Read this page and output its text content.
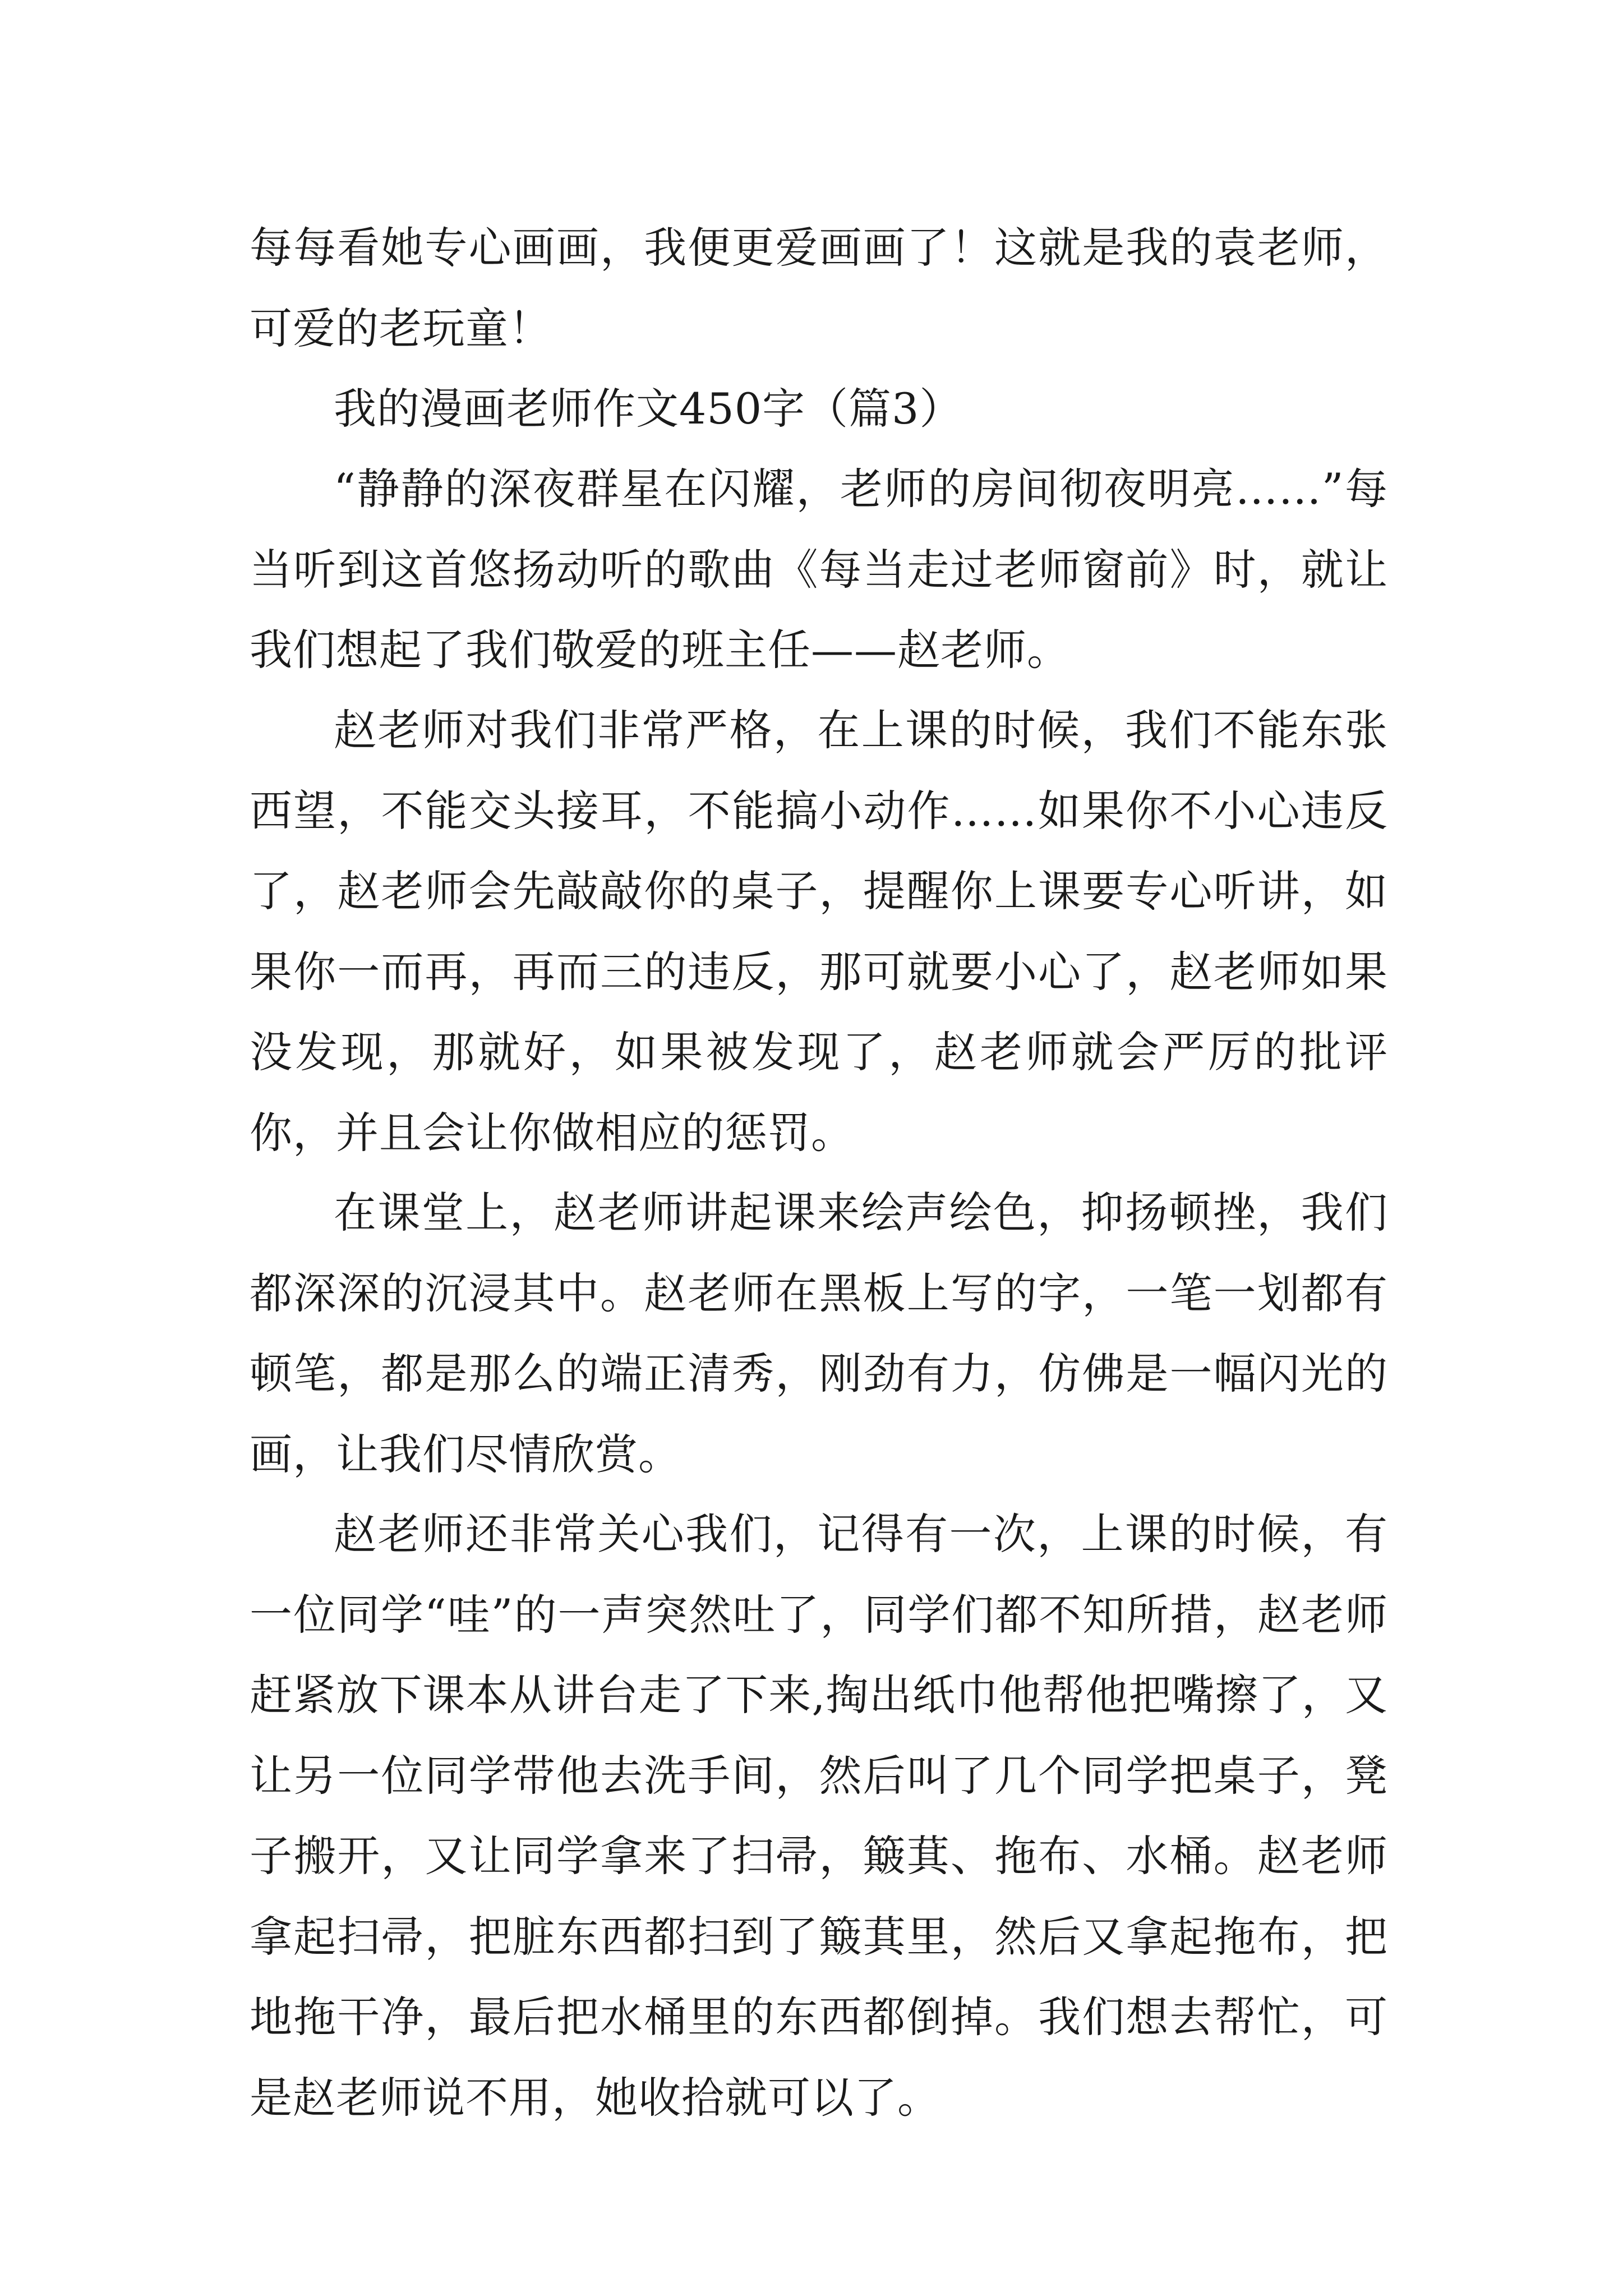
每每看她专心画画，我便更爱画画了！这就是我的袁老师，可爱的老玩童！

我的漫画老师作文450字（篇3）

“静静的深夜群星在闪耀，老师的房间彻夜明亮……”每当听到这首悠扬动听的歌曲《每当走过老师窗前》时，就让我们想起了我们敬爱的班主任——赵老师。

赵老师对我们非常严格，在上课的时候，我们不能东张西望，不能交头接耳，不能搞小动作……如果你不小心违反了，赵老师会先敲敲你的桌子，提醒你上课要专心听讲，如果你一而再，再而三的违反，那可就要小心了，赵老师如果没发现，那就好，如果被发现了，赵老师就会严厉的批评你，并且会让你做相应的惩罚。

在课堂上，赵老师讲起课来绘声绘色，抑扬顿挫，我们都深深的沉浸其中。赵老师在黑板上写的字，一笔一划都有顿笔，都是那么的端正清秀，刚劲有力，仿佛是一幅闪光的画，让我们尽情欣赏。

赵老师还非常关心我们，记得有一次，上课的时候，有一位同学“哇”的一声突然吐了，同学们都不知所措，赵老师赶紧放下课本从讲台走了下来,掏出纸巾他帮他把嘴擦了，又让另一位同学带他去洗手间，然后叫了几个同学把桌子，凳子搬开，又让同学拿来了扫帚，簸萁、拖布、水桶。赵老师拿起扫帚，把脏东西都扫到了簸萁里，然后又拿起拖布，把地拖干净，最后把水桶里的东西都倒掉。我们想去帮忙，可是赵老师说不用，她收拾就可以了。
